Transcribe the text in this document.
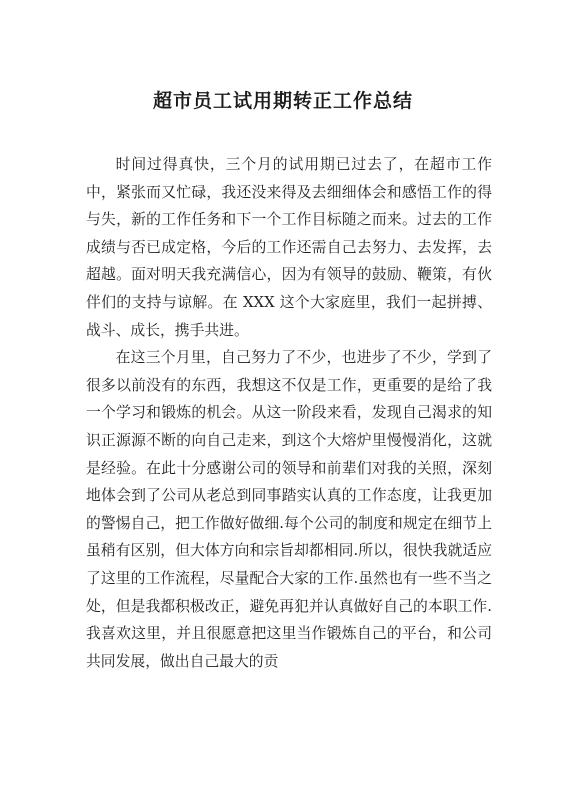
超市员工试用期转正工作总结

时间过得真快，三个月的试用期已过去了，在超市工作中，紧张而又忙碌，我还没来得及去细细体会和感悟工作的得与失，新的工作任务和下一个工作目标随之而来。过去的工作成绩与否已成定格，今后的工作还需自己去努力、去发挥，去超越。面对明天我充满信心，因为有领导的鼓励、鞭策，有伙伴们的支持与谅解。在 XXX 这个大家庭里，我们一起拼搏、战斗、成长，携手共进。

在这三个月里，自己努力了不少，也进步了不少，学到了很多以前没有的东西，我想这不仅是工作，更重要的是给了我一个学习和锻炼的机会。从这一阶段来看，发现自己渴求的知识正源源不断的向自己走来，到这个大熔炉里慢慢消化，这就是经验。在此十分感谢公司的领导和前辈们对我的关照，深刻地体会到了公司从老总到同事踏实认真的工作态度，让我更加的警惕自己，把工作做好做细.每个公司的制度和规定在细节上虽稍有区别，但大体方向和宗旨却都相同.所以，很快我就适应了这里的工作流程，尽量配合大家的工作.虽然也有一些不当之处，但是我都积极改正，避免再犯并认真做好自己的本职工作.我喜欢这里，并且很愿意把这里当作锻炼自己的平台，和公司共同发展，做出自己最大的贡
